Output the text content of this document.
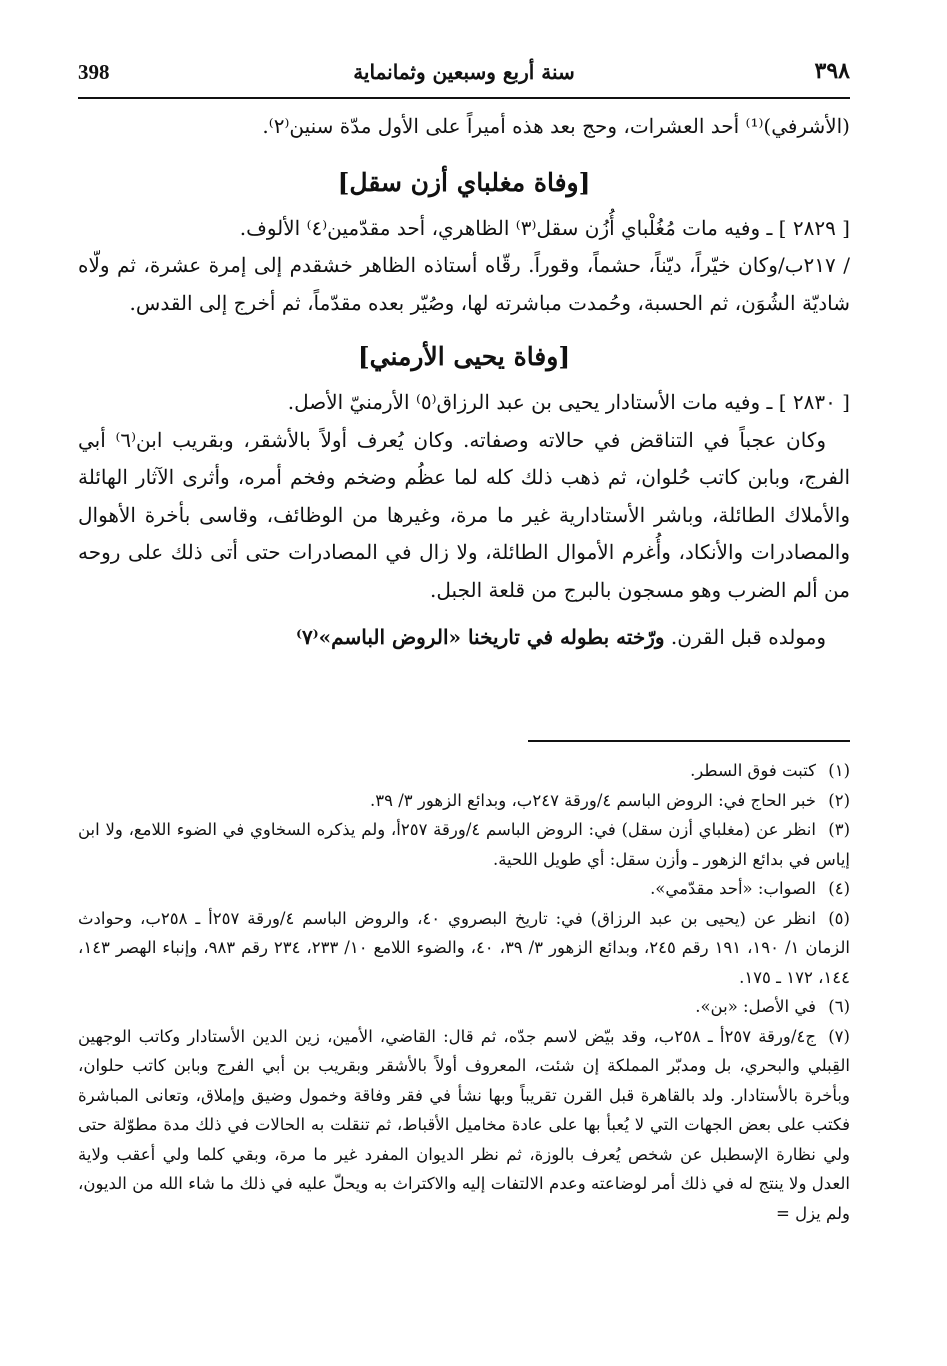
398	سنة أربع وسبعين وثمانماية	٣٩٨

(الأشرفي)⁽¹⁾ أحد العشرات، وحج بعد هذه أميراً على الأول مدّة سنين⁽٢⁾.

[وفاة مغلباي أزن سقل]

[ ٢٨٢٩ ] ـ وفيه مات مُغُلْباي أُزُن سقل⁽٣⁾ الظاهري، أحد مقدّمين⁽٤⁾ الألوف.

/ ٢١٧ب/وكان خيّراً، ديّناً، حشماً، وقوراً. رقّاه أستاذه الظاهر خشقدم إلى إمرة عشرة، ثم ولّاه شاديّة الشُوَن، ثم الحسبة، وحُمدت مباشرته لها، وصُيّر بعده مقدّماً، ثم أخرج إلى القدس.

[وفاة يحيى الأرمني]

[ ٢٨٣٠ ] ـ وفيه مات الأستادار يحيى بن عبد الرزاق⁽٥⁾ الأرمنيّ الأصل.

وكان عجباً في التناقض في حالاته وصفاته. وكان يُعرف أولاً بالأشقر، وبقريب ابن⁽٦⁾ أبي الفرج، وبابن كاتب حُلوان، ثم ذهب ذلك كله لما عظُم وضخم وفخم أمره، وأثرى الآثار الهائلة والأملاك الطائلة، وباشر الأستادارية غير ما مرة، وغيرها من الوظائف، وقاسى بأخرة الأهوال والمصادرات والأنكاد، وأُغرم الأموال الطائلة، ولا زال في المصادرات حتى أتى ذلك على روحه من ألم الضرب وهو مسجون بالبرج من قلعة الجبل.

ومولده قبل القرن. ورّخته بطوله في تاريخنا «الروض الباسم»⁽٧⁾

(١)كتبت فوق السطر.

(٢)خبر الحاج في: الروض الباسم ٤/ورقة ٢٤٧ب، وبدائع الزهور ٣/ ٣٩.

(٣)انظر عن (مغلباي أزن سقل) في: الروض الباسم ٤/ورقة ٢٥٧أ، ولم يذكره السخاوي في الضوء اللامع، ولا ابن إياس في بدائع الزهور ـ وأزن سقل: أي طويل اللحية.

(٤)الصواب: «أحد مقدّمي».

(٥)انظر عن (يحيى بن عبد الرزاق) في: تاريخ البصروي ٤٠، والروض الباسم ٤/ورقة ٢٥٧أ ـ ٢٥٨ب، وحوادث الزمان ١/ ١٩٠، ١٩١ رقم ٢٤٥، وبدائع الزهور ٣/ ٣٩، ٤٠، والضوء اللامع ١٠/ ٢٣٣، ٢٣٤ رقم ٩٨٣، وإنباء الهصر ١٤٣، ١٤٤، ١٧٢ ـ ١٧٥.

(٦)في الأصل: «بن».

(٧)ج٤/ورقة ٢٥٧أ ـ ٢٥٨ب، وقد بيّض لاسم جدّه، ثم قال: القاضي، الأمين، زين الدين الأستادار وكاتب الوجهين القِبلي والبحري، بل ومدبّر المملكة إن شئت، المعروف أولاً بالأشقر وبقريب بن أبي الفرج وبابن كاتب حلوان، وبأخرة بالأستادار. ولد بالقاهرة قبل القرن تقريباً وبها نشأ في فقر وفاقة وخمول وضيق وإملاق، وتعانى المباشرة فكتب على بعض الجهات التي لا يُعبأ بها على عادة مخاميل الأقباط، ثم تنقلت به الحالات في ذلك مدة مطوّلة حتى ولي نظارة الإسطبل عن شخص يُعرف بالوزة، ثم نظر الديوان المفرد غير ما مرة، وبقي كلما ولي أعقب ولاية العدل ولا ينتج له في ذلك أمر لوضاعته وعدم الالتفات إليه والاكتراث به ويحلّ عليه في ذلك ما شاء الله من الديون، ولم يزل =
